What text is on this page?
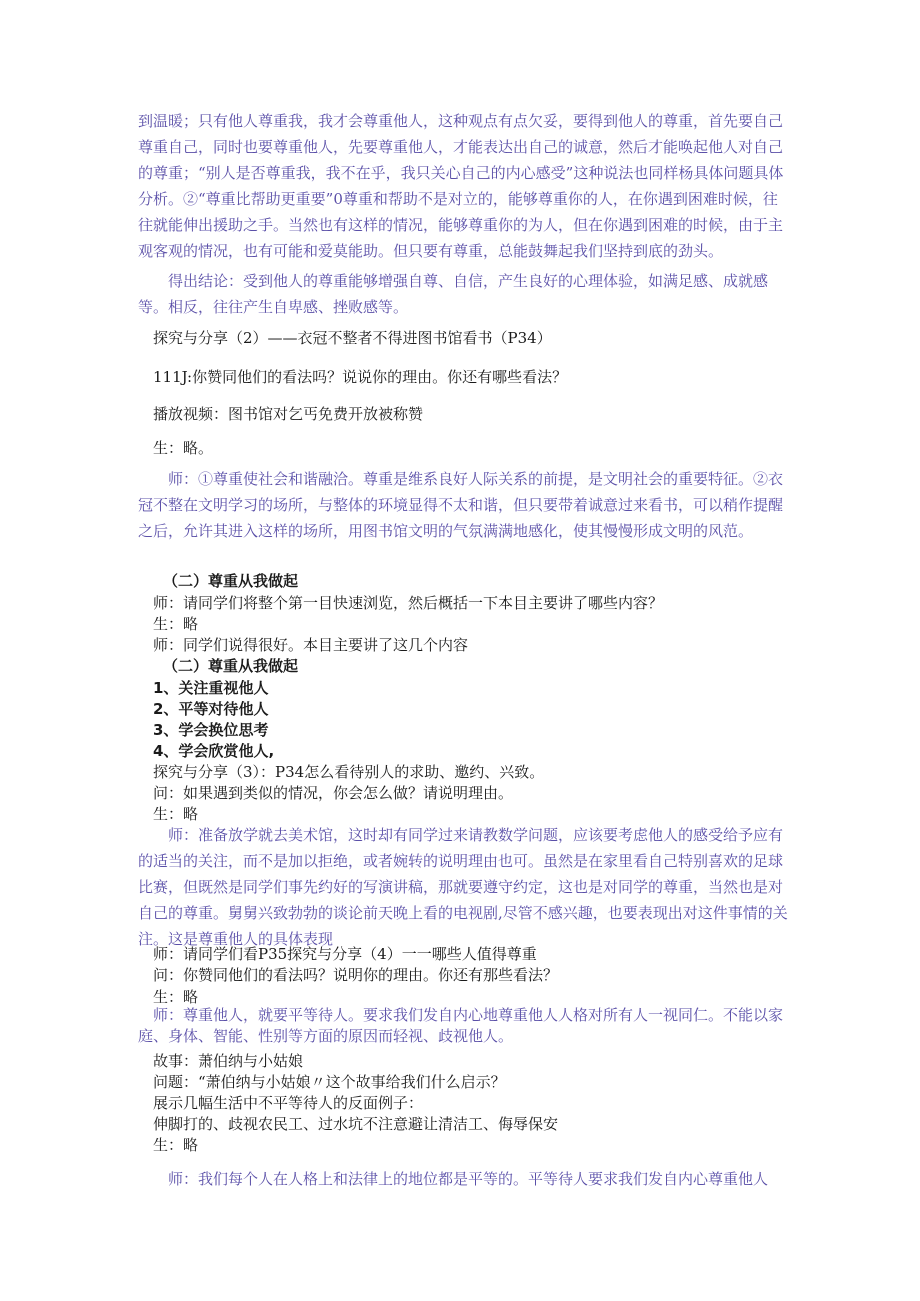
到温暖；只有他人尊重我，我才会尊重他人，这种观点有点欠妥，要得到他人的尊重，首先要自己尊重自己，同时也要尊重他人，先要尊重他人，才能表达出自己的诚意，然后才能唤起他人对自己的尊重；“别人是否尊重我，我不在乎，我只关心自己的内心感受”这种说法也同样杨具体问题具体分析。②“尊重比帮助更重要”0尊重和帮助不是对立的，能够尊重你的人，在你遇到困难时候，往往就能伸出援助之手。当然也有这样的情况，能够尊重你的为人，但在你遇到困难的时候，由于主观客观的情况，也有可能和爱莫能助。但只要有尊重，总能鼓舞起我们坚持到底的劲头。

得出结论：受到他人的尊重能够增强自尊、自信，产生良好的心理体验，如满足感、成就感等。相反，往往产生自卑感、挫败感等。

探究与分享（2）——衣冠不整者不得进图书馆看书（P34）

111J:你赞同他们的看法吗？说说你的理由。你还有哪些看法？

播放视频：图书馆对乞丐免费开放被称赞

生：略。

师：①尊重使社会和谐融洽。尊重是维系良好人际关系的前提，是文明社会的重要特征。②衣冠不整在文明学习的场所，与整体的环境显得不太和谐，但只要带着诚意过来看书，可以稍作提醒之后，允许其进入这样的场所，用图书馆文明的气氛满满地感化，使其慢慢形成文明的风范。

（二）尊重从我做起

师：请同学们将整个第一目快速浏览，然后概括一下本目主要讲了哪些内容？

生：略

师：同学们说得很好。本目主要讲了这几个内容

（二）尊重从我做起

1、关注重视他人

2、平等对待他人

3、学会换位思考

4、学会欣赏他人,

探究与分享（3）：P34怎么看待别人的求助、邀约、兴致。

问：如果遇到类似的情况，你会怎么做？请说明理由。

生：略

师：准备放学就去美术馆，这时却有同学过来请教数学问题，应该要考虑他人的感受给予应有的适当的关注，而不是加以拒绝，或者婉转的说明理由也可。虽然是在家里看自己特别喜欢的足球比赛，但既然是同学们事先约好的写演讲稿，那就要遵守约定，这也是对同学的尊重，当然也是对自己的尊重。舅舅兴致勃勃的谈论前天晚上看的电视剧,尽管不感兴趣，也要表现出对这件事情的关注。这是尊重他人的具体表现

师：请同学们看P35探究与分享（4）一一哪些人值得尊重

问：你赞同他们的看法吗？说明你的理由。你还有那些看法？

生：略

师：尊重他人，就要平等待人。要求我们发自内心地尊重他人人格对所有人一视同仁。不能以家庭、身体、智能、性别等方面的原因而轻视、歧视他人。

故事：萧伯纳与小姑娘

问题：“萧伯纳与小姑娘〃这个故事给我们什么启示？

展示几幅生活中不平等待人的反面例子：

伸脚打的、歧视农民工、过水坑不注意避让清洁工、侮辱保安

生：略

师：我们每个人在人格上和法律上的地位都是平等的。平等待人要求我们发自内心尊重他人
